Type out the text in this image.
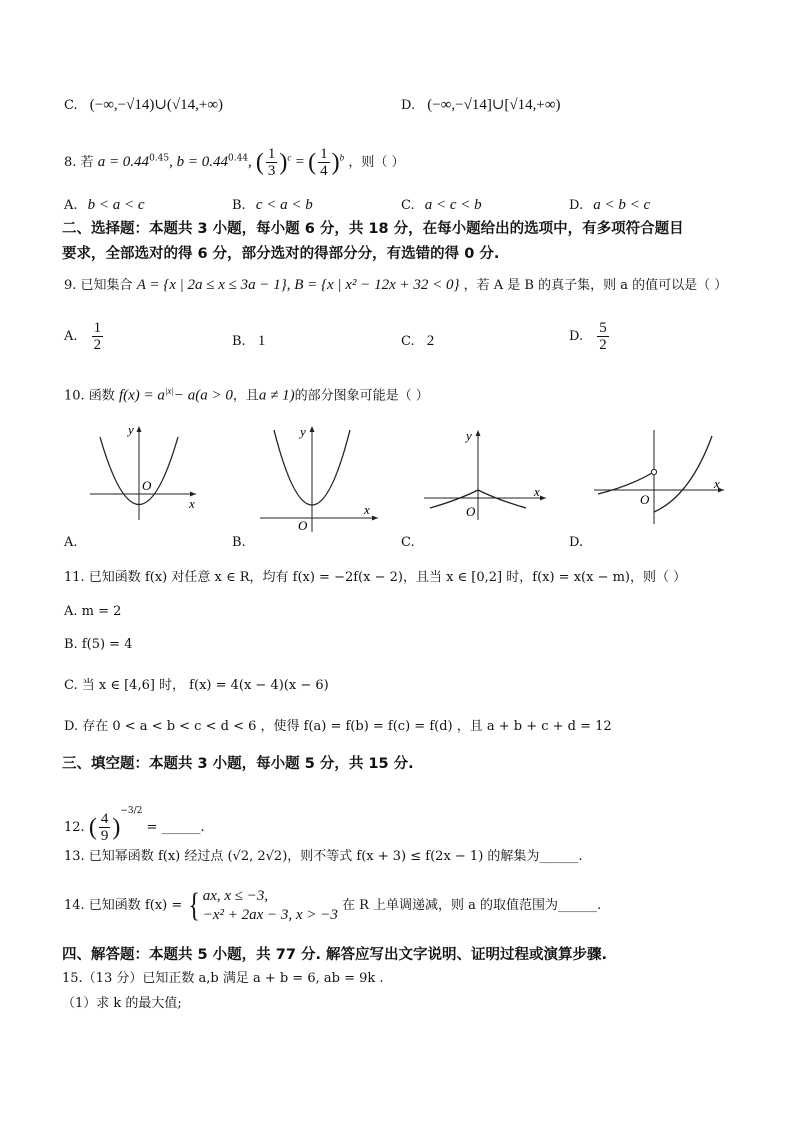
C. (−∞,−√14)∪(√14,+∞)	D. (−∞,−√14]∪[√14,+∞)
8. 若 $a = 0.44^{0.45}$, $b = 0.44^{0.44}$, ( $\frac{1}{3} )^c$ = ( $\frac{1}{4} )^b$ ，则（ ）
A. b < a < c	B. c < a < b	C. a < c < b	D. a < b < c
二、选择题：本题共 3 小题，每小题 6 分，共 18 分，在每小题给出的选项中，有多项符合题目
要求，全部选对的得 6 分，部分选对的得部分分，有选错的得 0 分.
9. 已知集合 A = {x | 2a ≤ x ≤ 3a − 1}, B = {x | x² − 12x + 32 < 0} ，若 A 是 B 的真子集，则 a 的值可以是（ ）
A. $\frac{1}{2}$	B. 1	C. 2	D. $\frac{5}{2}$
10. 函数 $f(x) = a^{|x|}- a(a > 0$，且a ≠ 1)的部分图象可能是（ ）
y
x
O
A.
y
x
O
B.
y
x
O
C.
x
O
D.
11. 已知函数 f(x) 对任意 x ∈ R，均有 f(x) = −2f(x − 2)，且当 x ∈ [0,2] 时，f(x) = x(x − m)，则（ ）
A. m = 2
B. f(5) = 4
C. 当 x ∈ [4,6] 时， f(x) = 4(x − 4)(x − 6)
D. 存在 0 < a < b < c < d < 6 ，使得 f(a) = f(b) = f(c) = f(d) ，且 a + b + c + d = 12
三、填空题：本题共 3 小题，每小题 5 分，共 15 分.
12. ( $\frac{4}{9} )^{-3/2}$ = ______.
13. 已知幂函数 f(x) 经过点 (√2, 2√2)，则不等式 f(x + 3) ≤ f(2x − 1) 的解集为______.
14. 已知函数 f(x) = { ax, x ≤ −3,
−x² + 2ax − 3, x > −3
在 R 上单调递减，则 a 的取值范围为______.
四、解答题：本题共 5 小题，共 77 分. 解答应写出文字说明、证明过程或演算步骤.
15.（13 分）已知正数 a,b 满足 a + b = 6, ab = 9k .
（1）求 k 的最大值;
